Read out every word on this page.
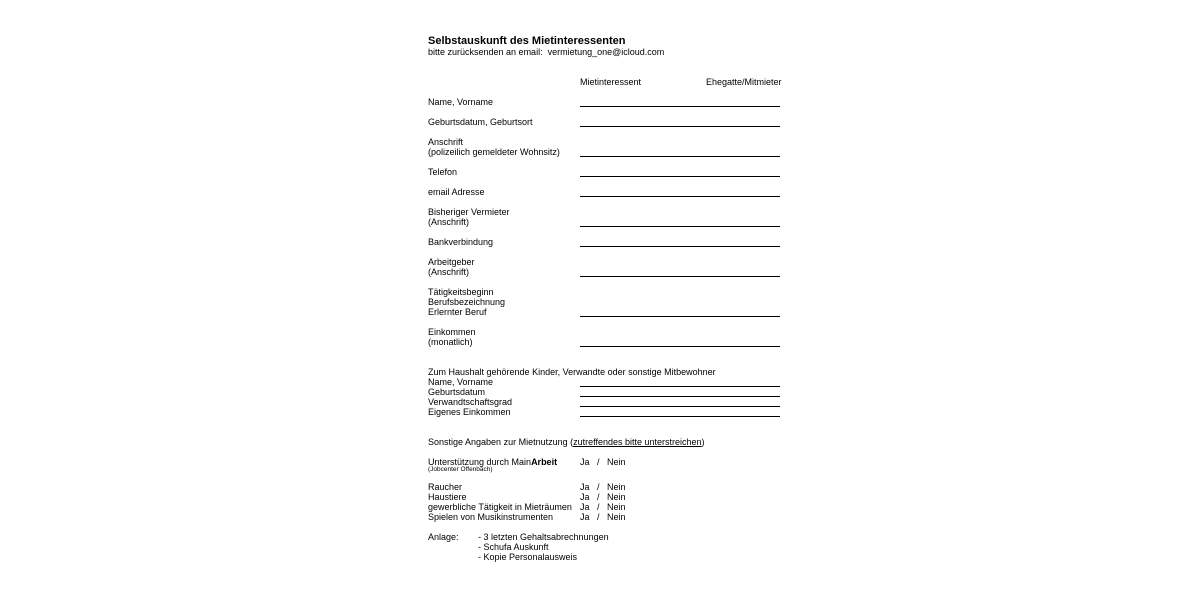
Selbstauskunft des Mietinteressenten
bitte zurücksenden an email: vermietung_one@icloud.com
Mietinteressent	Ehegatte/Mitmieter
Name, Vorname
Geburtsdatum, Geburtsort
Anschrift
(polizeilich gemeldeter Wohnsitz)
Telefon
email Adresse
Bisheriger Vermieter
(Anschrift)
Bankverbindung
Arbeitgeber
(Anschrift)
Tätigkeitsbeginn
Berufsbezeichnung
Erlernter Beruf
Einkommen
(monatlich)
Zum Haushalt gehörende Kinder, Verwandte oder sonstige Mitbewohner
Name, Vorname
Geburtsdatum
Verwandtschaftsgrad
Eigenes Einkommen
Sonstige Angaben zur Mietnutzung (zutreffendes bitte unterstreichen)
Unterstützung durch MainArbeit
(Jobcenter Offenbach)
Ja   /   Nein
Raucher	Ja   /   Nein
Haustiere	Ja   /   Nein
gewerbliche Tätigkeit in Mieträumen Ja   /   Nein
Spielen von Musikinstrumenten	Ja   /   Nein
Anlage: - 3 letzten Gehaltsabrechnungen
- Schufa Auskunft
- Kopie Personalausweis
